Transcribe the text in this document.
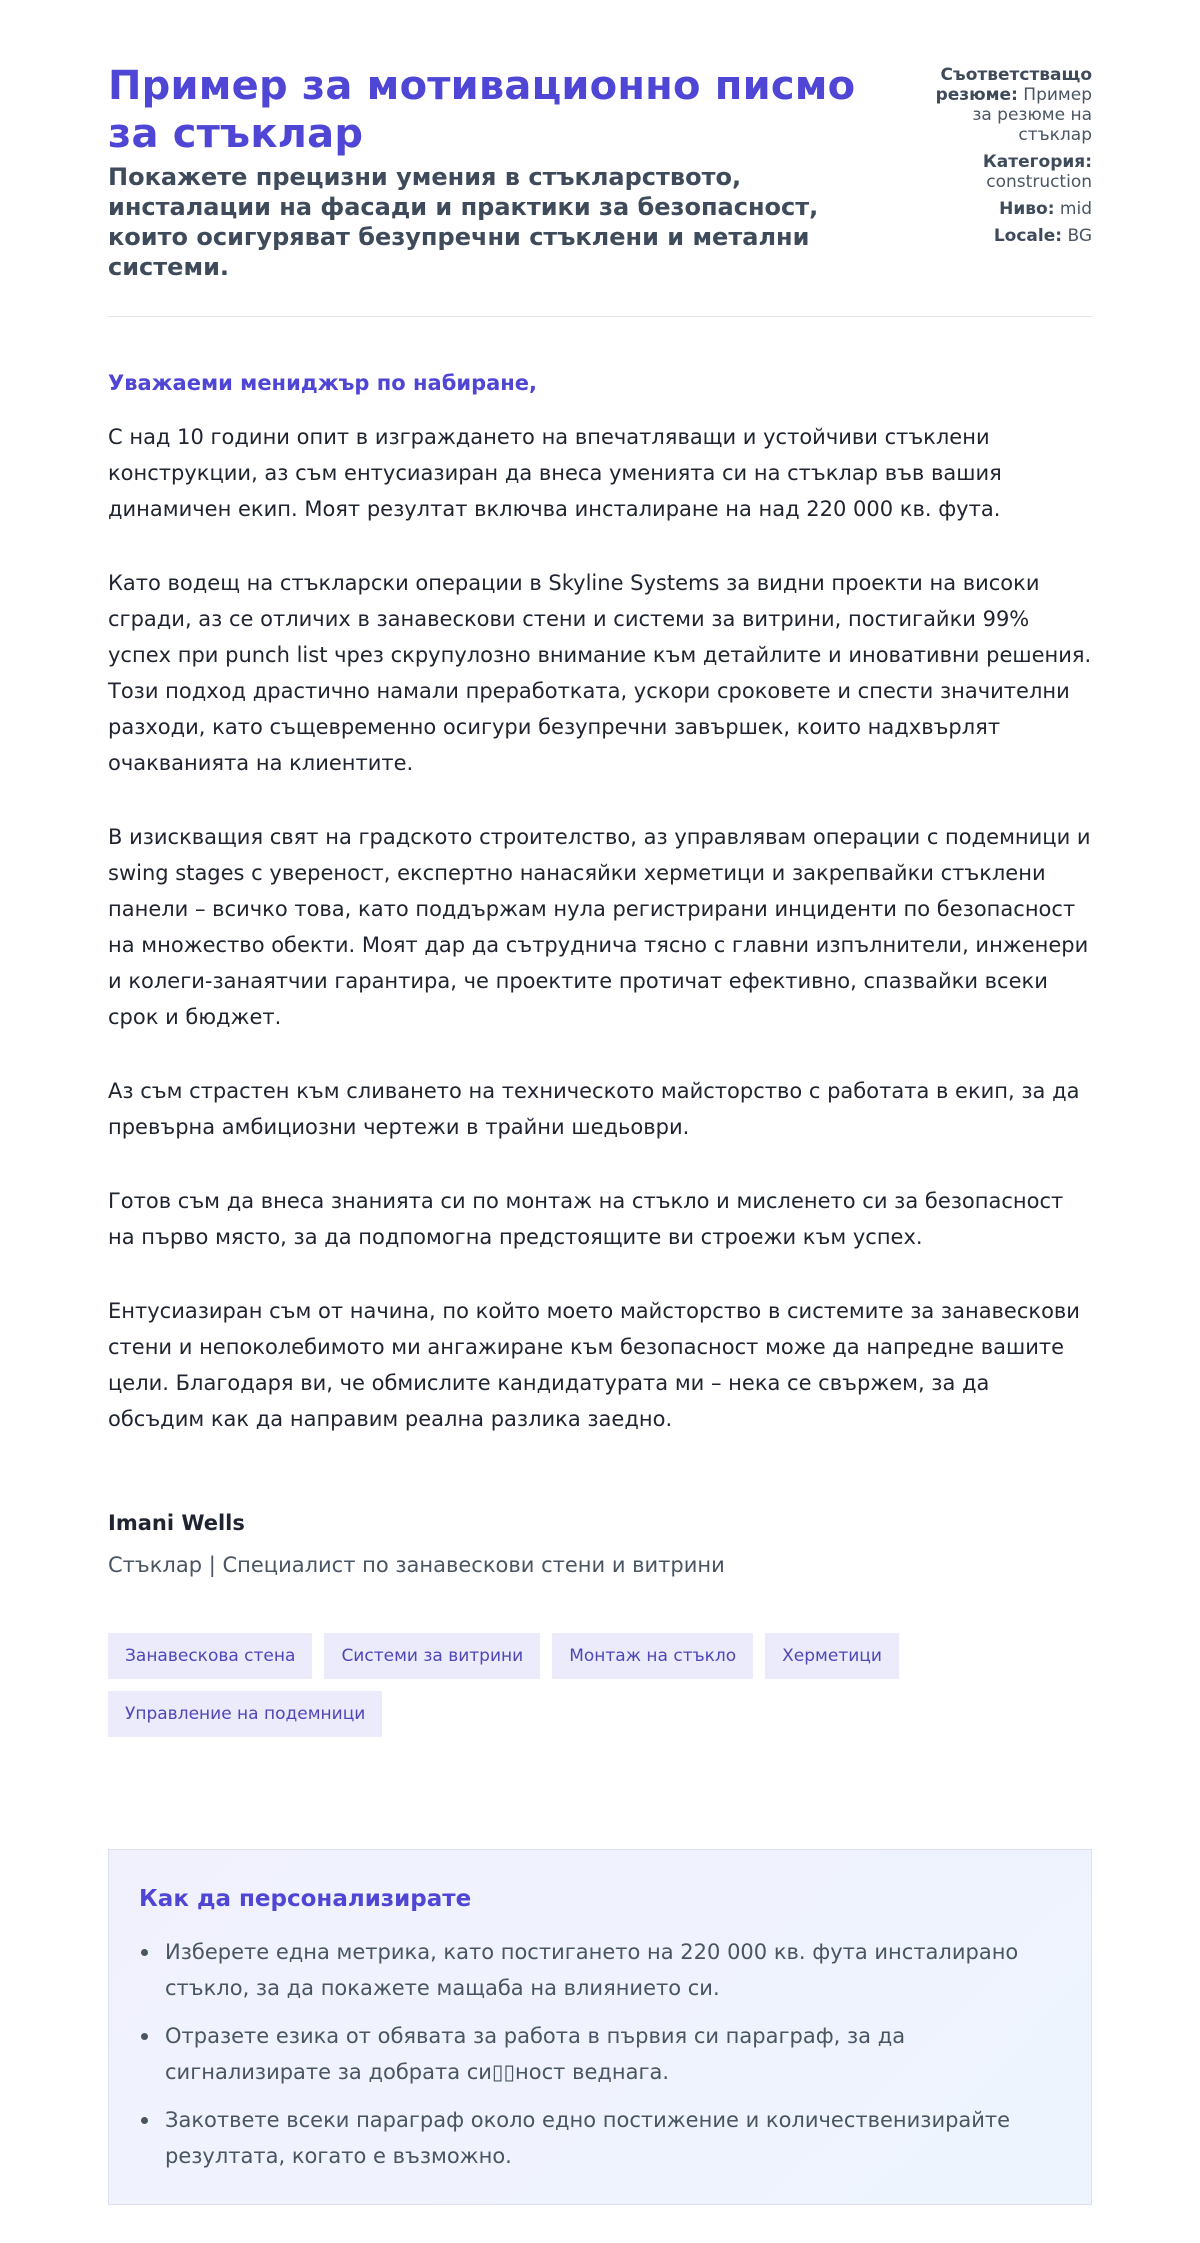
Пример за мотивационно писмо за стъклар
Покажете прецизни умения в стъкларството, инсталации на фасади и практики за безопасност, които осигуряват безупречни стъклени и метални системи.
Съответстващо резюме: Пример за резюме на стъклар
Категория: construction
Ниво: mid
Locale: BG

Уважаеми мениджър по набиране,

С над 10 години опит в изграждането на впечатляващи и устойчиви стъклени конструкции, аз съм ентусиазиран да внеса уменията си на стъклар във вашия динамичен екип. Моят резултат включва инсталиране на над 220 000 кв. фута.

Като водещ на стъкларски операции в Skyline Systems за видни проекти на високи сгради, аз се отличих в занавескови стени и системи за витрини, постигайки 99% успех при punch list чрез скрупулозно внимание към детайлите и иновативни решения. Този подход драстично намали преработката, ускори сроковете и спести значителни разходи, като същевременно осигури безупречни завършек, които надхвърлят очакванията на клиентите.

В изискващия свят на градското строителство, аз управлявам операции с подемници и swing stages с увереност, експертно нанасяйки херметици и закрепвайки стъклени панели – всичко това, като поддържам нула регистрирани инциденти по безопасност на множество обекти. Моят дар да сътруднича тясно с главни изпълнители, инженери и колеги-занаятчии гарантира, че проектите протичат ефективно, спазвайки всеки срок и бюджет.

Аз съм страстен към сливането на техническото майсторство с работата в екип, за да превърна амбициозни чертежи в трайни шедьоври.

Готов съм да внеса знанията си по монтаж на стъкло и мисленето си за безопасност на първо място, за да подпомогна предстоящите ви строежи към успех.

Ентусиазиран съм от начина, по който моето майсторство в системите за занавескови стени и непоколебимото ми ангажиране към безопасност може да напредне вашите цели. Благодаря ви, че обмислите кандидатурата ми – нека се свържем, за да обсъдим как да направим реална разлика заедно.

Imani Wells
Стъклар | Специалист по занавескови стени и витрини
Занавескова стена	Системи за витрини	Монтаж на стъкло	Херметици
Управление на подемници
Как да персонализирате
Изберете една метрика, като постигането на 220 000 кв. фута инсталирано стъкло, за да покажете мащаба на влиянието си.
Отразете езика от обявата за работа в първия си параграф, за да сигнализирате за добрата си▯▯ност веднага.
Закответе всеки параграф около едно постижение и количественизирайте резултата, когато е възможно.
